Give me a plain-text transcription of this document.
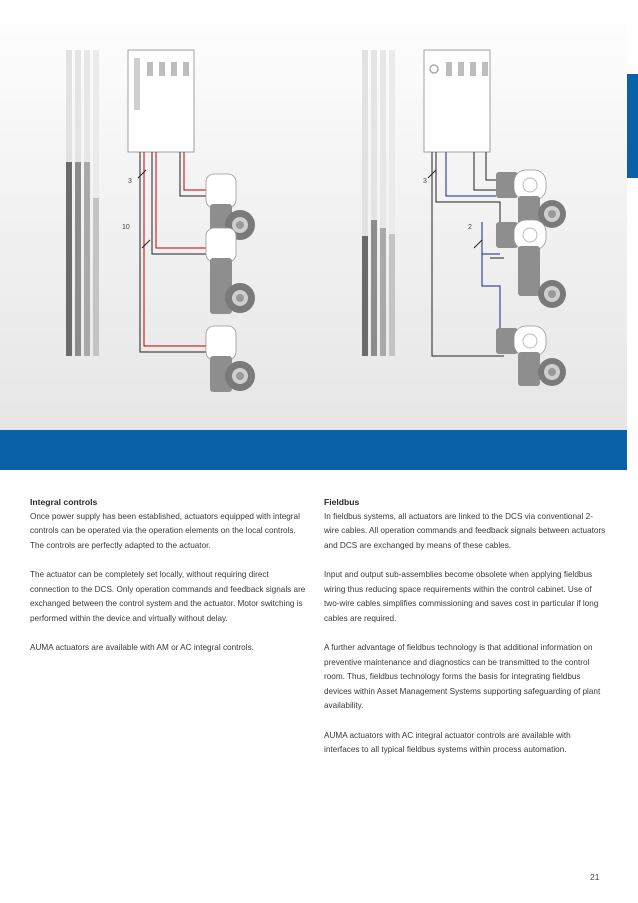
3
10
3
2
Integral controls

Once power supply has been established, actuators equipped with integral controls can be operated via the operation elements on the local controls. The controls are perfectly adapted to the actuator.

The actuator can be completely set locally, without requiring direct connection to the DCS. Only operation commands and feedback signals are exchanged between the control system and the actuator. Motor switching is performed within the device and virtually without delay.

AUMA actuators are available with AM or AC integral controls.

Fieldbus

In fieldbus systems, all actuators are linked to the DCS via conventional 2-wire cables. All operation commands and feedback signals between actuators and DCS are exchanged by means of these cables.

Input and output sub-assemblies become obsolete when applying fieldbus wiring thus reducing space requirements within the control cabinet. Use of two-wire cables simplifies commissioning and saves cost in particular if long cables are required.

A further advantage of fieldbus technology is that additional information on preventive maintenance and diagnostics can be transmitted to the control room. Thus, fieldbus technology forms the basis for integrating fieldbus devices within Asset Management Systems supporting safeguarding of plant availability.

AUMA actuators with AC integral actuator controls are available with interfaces to all typical fieldbus systems within process automation.

21
